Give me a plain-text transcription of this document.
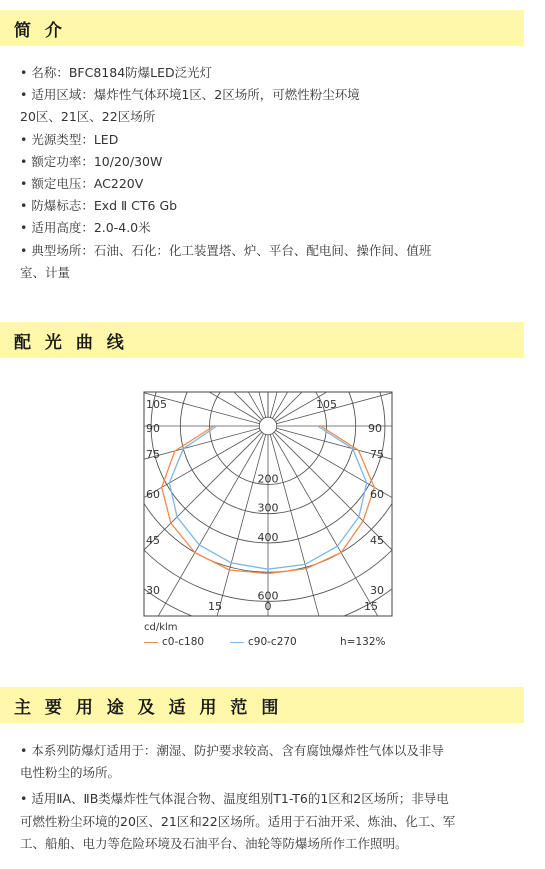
简 介
• 名称：BFC8184防爆LED泛光灯
• 适用区域：爆炸性气体环境1区、2区场所，可燃性粉尘环境
20区、21区、22区场所
• 光源类型：LED
• 额定功率：10/20/30W
• 额定电压：AC220V
• 防爆标志：Exd Ⅱ CT6 Gb
• 适用高度：2.0-4.0米
• 典型场所：石油、石化：化工装置塔、炉、平台、配电间、操作间、值班
室、计量
配 光 曲 线
105
90
75
60
45
30
15	15
30
45
60
75
90
105
0
200
300
400
600
cd/klm
c0-c180	c90-c270	h=132%
主 要 用 途 及 适 用 范 围
• 本系列防爆灯适用于：潮湿、防护要求较高、含有腐蚀爆炸性气体以及非导
电性粉尘的场所。
• 适用ⅡA、ⅡB类爆炸性气体混合物、温度组别T1-T6的1区和2区场所；非导电
可燃性粉尘环境的20区、21区和22区场所。适用于石油开采、炼油、化工、军
工、船舶、电力等危险环境及石油平台、油轮等防爆场所作工作照明。
